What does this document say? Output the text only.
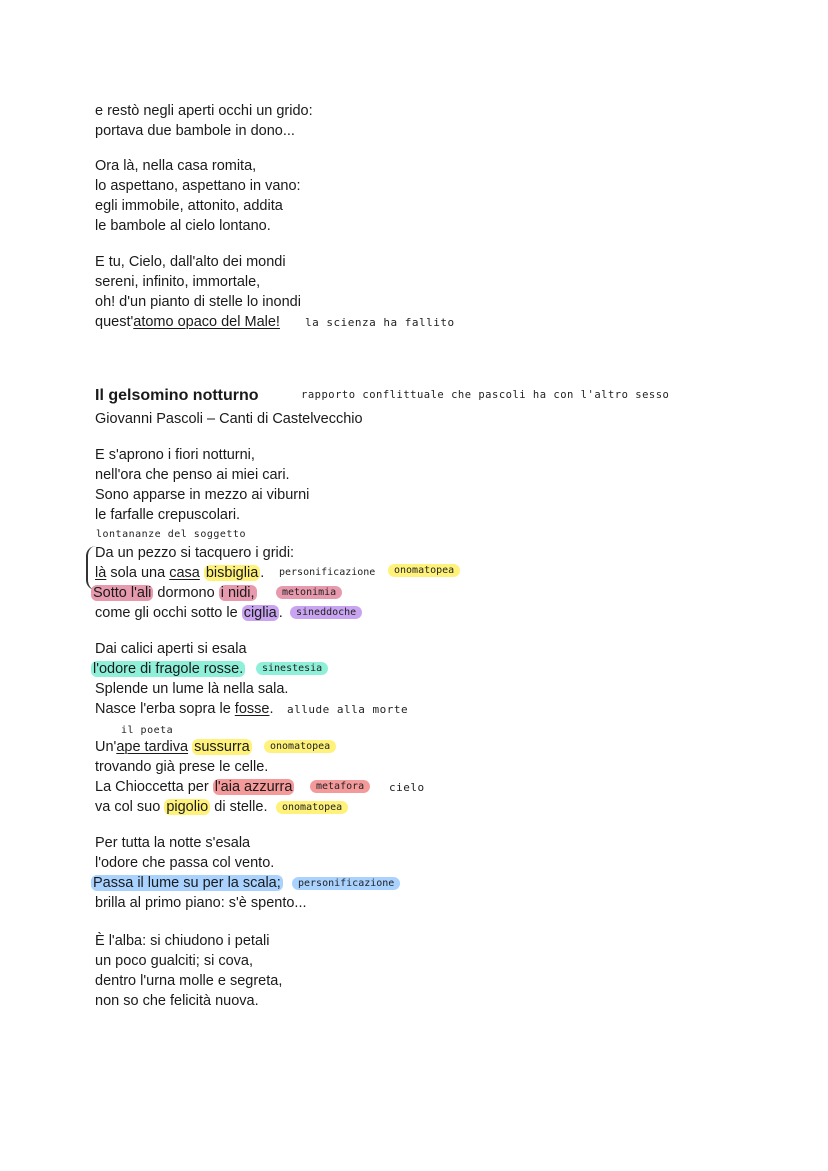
e restò negli aperti occhi un grido:
portava due bambole in dono...
Ora là, nella casa romita,
lo aspettano, aspettano in vano:
egli immobile, attonito, addita
le bambole al cielo lontano.
E tu, Cielo, dall'alto dei mondi
sereni, infinito, immortale,
oh! d'un pianto di stelle lo inondi
quest'atomo opaco del Male! la scienza ha fallito
Il gelsomino notturno	rapporto conflittuale che pascoli ha con l'altro sesso
Giovanni Pascoli – Canti di Castelvecchio
E s'aprono i fiori notturni,
nell'ora che penso ai miei cari.
Sono apparse in mezzo ai viburni
le farfalle crepuscolari.
lontananze del soggetto
Da un pezzo si tacquero i gridi:
là sola una casa bisbiglia .	personificazione	onomatopea
Sotto l'ali dormono i nidi,	metonimia
come gli occhi sotto le ciglia .	sineddoche
Dai calici aperti si esala
l'odore di fragole rosse.	sinestesia
Splende un lume là nella sala.
Nasce l'erba sopra le fosse. allude alla morte
il poeta
Un'ape tardiva sussurra	onomatopea
trovando già prese le celle.
La Chioccetta per l'aia azzurra	metafora	cielo
va col suo pigolio di stelle.	onomatopea
Per tutta la notte s'esala
l'odore che passa col vento.
Passa il lume su per la scala;	personificazione
brilla al primo piano: s'è spento...
È l'alba: si chiudono i petali
un poco gualciti; si cova,
dentro l'urna molle e segreta,
non so che felicità nuova.
